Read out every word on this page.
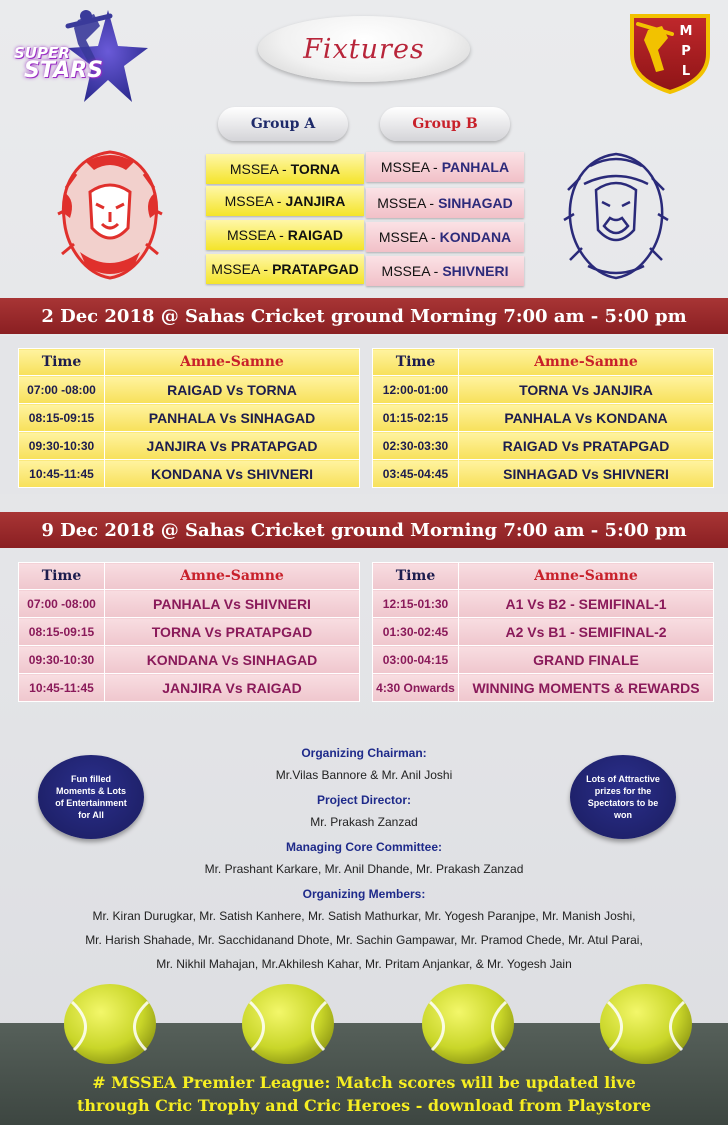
SUPER
STARS
Fixtures
MPL
Group A	Group B
MSSEA - TORNA
MSSEA - JANJIRA
MSSEA - RAIGAD
MSSEA - PRATAPGAD
MSSEA - PANHALA
MSSEA - SINHAGAD
MSSEA - KONDANA
MSSEA - SHIVNERI
2 Dec 2018 @ Sahas Cricket ground Morning 7:00 am - 5:00 pm
Time	Amne-Samne
07:00 -08:00	RAIGAD Vs TORNA
08:15-09:15	PANHALA Vs SINHAGAD
09:30-10:30	JANJIRA Vs PRATAPGAD
10:45-11:45	KONDANA Vs SHIVNERI
Time	Amne-Samne
12:00-01:00	TORNA Vs JANJIRA
01:15-02:15	PANHALA Vs KONDANA
02:30-03:30	RAIGAD Vs PRATAPGAD
03:45-04:45	SINHAGAD Vs SHIVNERI
9 Dec 2018 @ Sahas Cricket ground Morning 7:00 am - 5:00 pm
Time	Amne-Samne
07:00 -08:00	PANHALA Vs SHIVNERI
08:15-09:15	TORNA Vs PRATAPGAD
09:30-10:30	KONDANA Vs SINHAGAD
10:45-11:45	JANJIRA Vs RAIGAD
Time	Amne-Samne
12:15-01:30	A1 Vs B2 - SEMIFINAL-1
01:30-02:45	A2 Vs B1 - SEMIFINAL-2
03:00-04:15	GRAND FINALE
4:30 Onwards	WINNING MOMENTS & REWARDS
Fun filled Moments & Lots of Entertainment for All
Lots of Attractive prizes for the Spectators to be won
Organizing Chairman:
Mr.Vilas Bannore & Mr. Anil Joshi
Project Director:
Mr. Prakash Zanzad
Managing Core Committee:
Mr. Prashant Karkare, Mr. Anil Dhande, Mr. Prakash Zanzad
Organizing Members:
Mr. Kiran Durugkar, Mr. Satish Kanhere, Mr. Satish Mathurkar, Mr. Yogesh Paranjpe, Mr. Manish Joshi,
Mr. Harish Shahade, Mr. Sacchidanand Dhote, Mr. Sachin Gampawar, Mr. Pramod Chede, Mr. Atul Parai,
Mr. Nikhil Mahajan, Mr.Akhilesh Kahar, Mr. Pritam Anjankar, & Mr. Yogesh Jain
# MSSEA Premier League: Match scores will be updated live
through Cric Trophy and Cric Heroes - download from Playstore
